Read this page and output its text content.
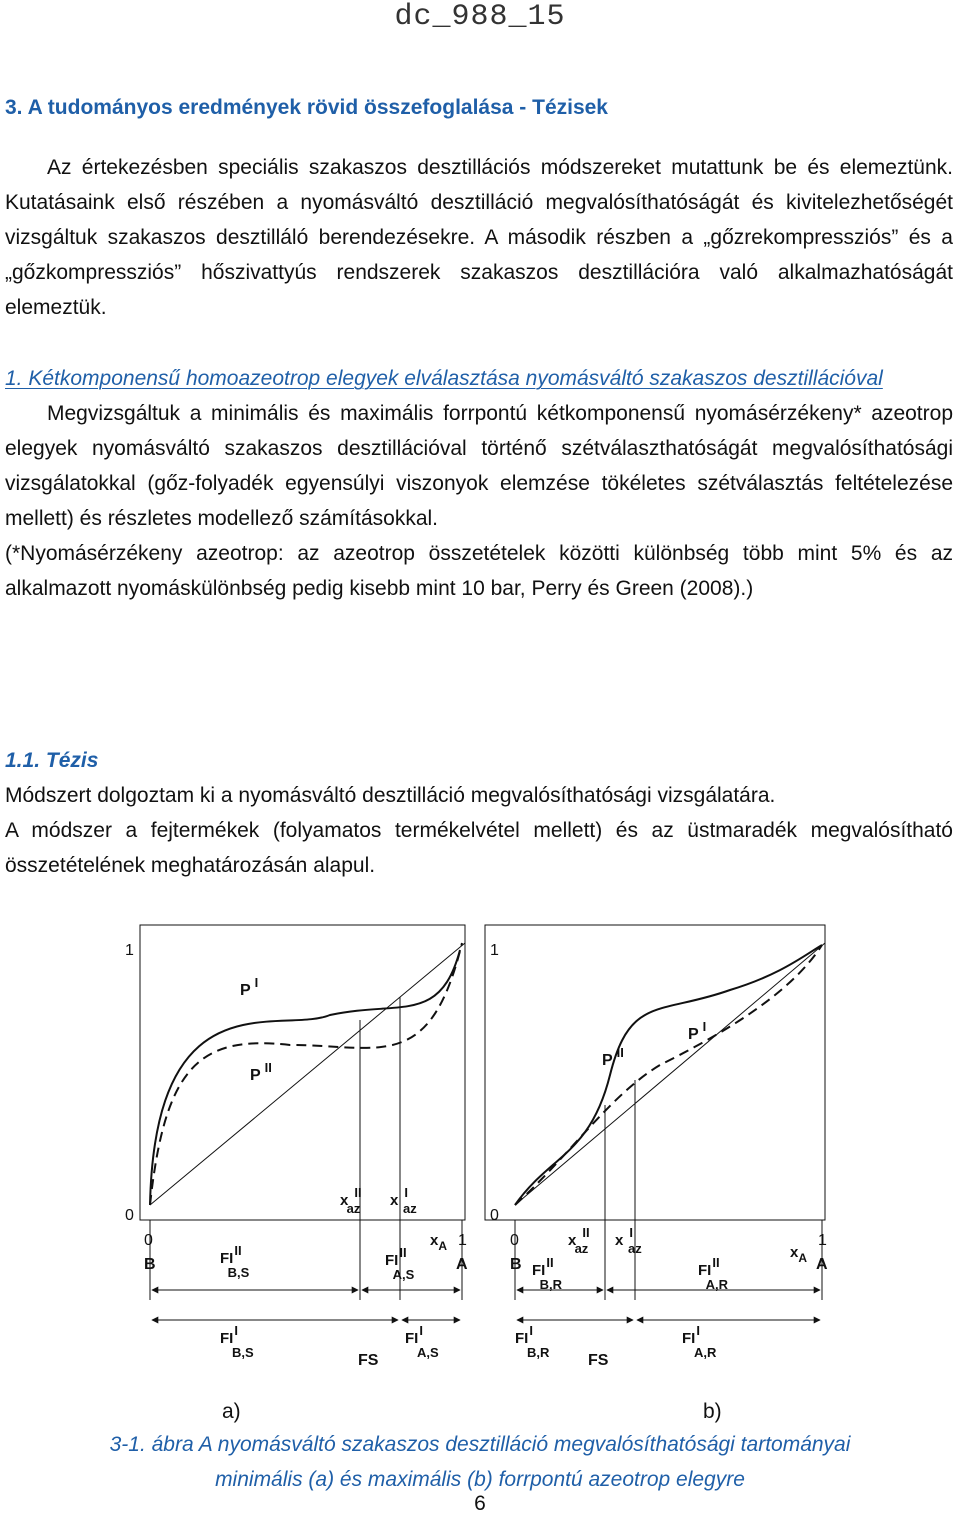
dc_988_15
3. A tudományos eredmények rövid összefoglalása - Tézisek

Az értekezésben speciális szakaszos desztillációs módszereket mutattunk be és elemeztünk. Kutatásaink első részében a nyomásváltó desztilláció megvalósíthatóságát és kivitelezhetőségét vizsgáltuk szakaszos desztilláló berendezésekre. A második részben a „gőzrekompressziós” és a „gőzkompressziós” hőszivattyús rendszerek szakaszos desztillációra való alkalmazhatóságát elemeztük.

1. Kétkomponensű homoazeotrop elegyek elválasztása nyomásváltó szakaszos desztillációval

Megvizsgáltuk a minimális és maximális forrpontú kétkomponensű nyomásérzékeny* azeotrop elegyek nyomásváltó szakaszos desztillációval történő szétválaszthatóságát megvalósíthatósági vizsgálatokkal (gőz-folyadék egyensúlyi viszonyok elemzése tökéletes szétválasztás feltételezése mellett) és részletes modellező számításokkal.

(*Nyomásérzékeny azeotrop: az azeotrop összetételek közötti különbség több mint 5% és az alkalmazott nyomáskülönbség pedig kisebb mint 10 bar, Perry és Green (2008).)

1.1. Tézis

Módszert dolgoztam ki a nyomásváltó desztilláció megvalósíthatósági vizsgálatára.

A módszer a fejtermékek (folyamatos termékelvétel mellett) és az üstmaradék megvalósítható összetételének meghatározásán alapul.

1
0
P $^I$
P $^{II}$
x II az x I az
0
B
1
A
$x_A$
FIII B,S
FIII A,S
FII B,S
FII A,S
FS
1
0
P $^I$
P $^{II}$
x II az x I az
0
B
1
A
$x_A$
FIII B,R
FIII A,R
FII B,R
FII A,R
FS
a)	b)
3-1. ábra A nyomásváltó szakaszos desztilláció megvalósíthatósági tartományai
minimális (a) és maximális (b) forrpontú azeotrop elegyre
6
